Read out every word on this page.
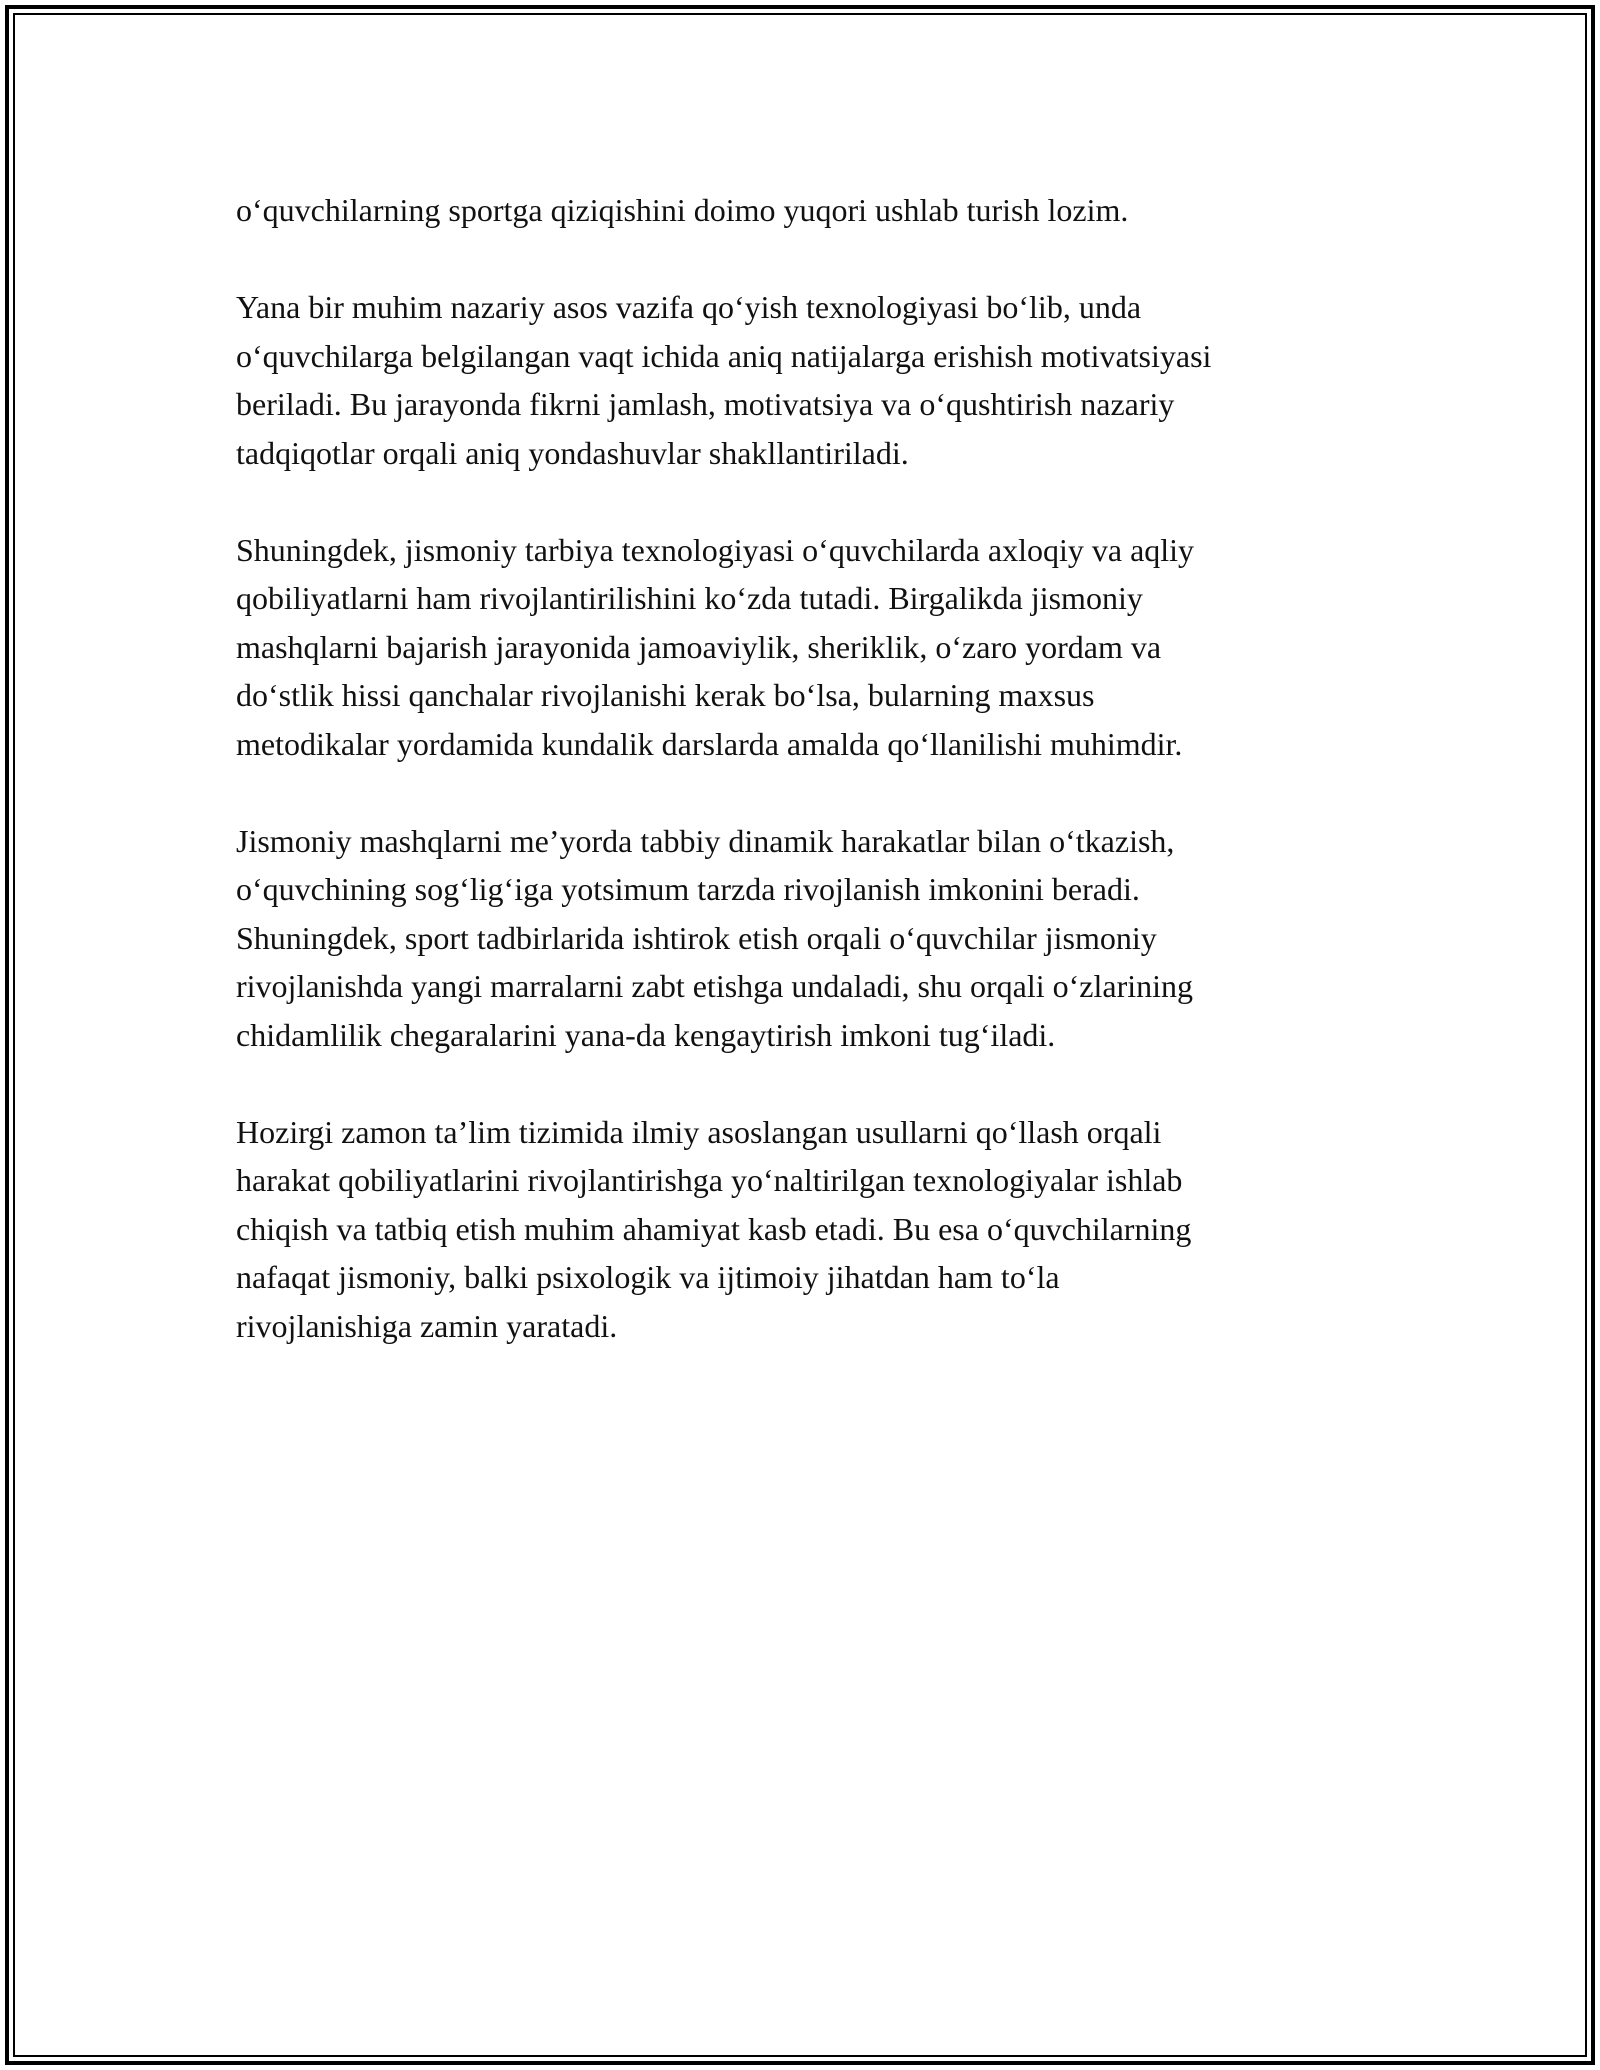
o‘quvchilarning sportga qiziqishini doimo yuqori ushlab turish lozim.

Yana bir muhim nazariy asos vazifa qo‘yish texnologiyasi bo‘lib, unda
o‘quvchilarga belgilangan vaqt ichida aniq natijalarga erishish motivatsiyasi
beriladi. Bu jarayonda fikrni jamlash, motivatsiya va o‘qushtirish nazariy
tadqiqotlar orqali aniq yondashuvlar shakllantiriladi.

Shuningdek, jismoniy tarbiya texnologiyasi o‘quvchilarda axloqiy va aqliy
qobiliyatlarni ham rivojlantirilishini ko‘zda tutadi. Birgalikda jismoniy
mashqlarni bajarish jarayonida jamoaviylik, sheriklik, o‘zaro yordam va
do‘stlik hissi qanchalar rivojlanishi kerak bo‘lsa, bularning maxsus
metodikalar yordamida kundalik darslarda amalda qo‘llanilishi muhimdir.

Jismoniy mashqlarni me’yorda tabbiy dinamik harakatlar bilan o‘tkazish,
o‘quvchining sog‘lig‘iga yotsimum tarzda rivojlanish imkonini beradi.
Shuningdek, sport tadbirlarida ishtirok etish orqali o‘quvchilar jismoniy
rivojlanishda yangi marralarni zabt etishga undaladi, shu orqali o‘zlarining
chidamlilik chegaralarini yana-da kengaytirish imkoni tug‘iladi.

Hozirgi zamon ta’lim tizimida ilmiy asoslangan usullarni qo‘llash orqali
harakat qobiliyatlarini rivojlantirishga yo‘naltirilgan texnologiyalar ishlab
chiqish va tatbiq etish muhim ahamiyat kasb etadi. Bu esa o‘quvchilarning
nafaqat jismoniy, balki psixologik va ijtimoiy jihatdan ham to‘la
rivojlanishiga zamin yaratadi.
